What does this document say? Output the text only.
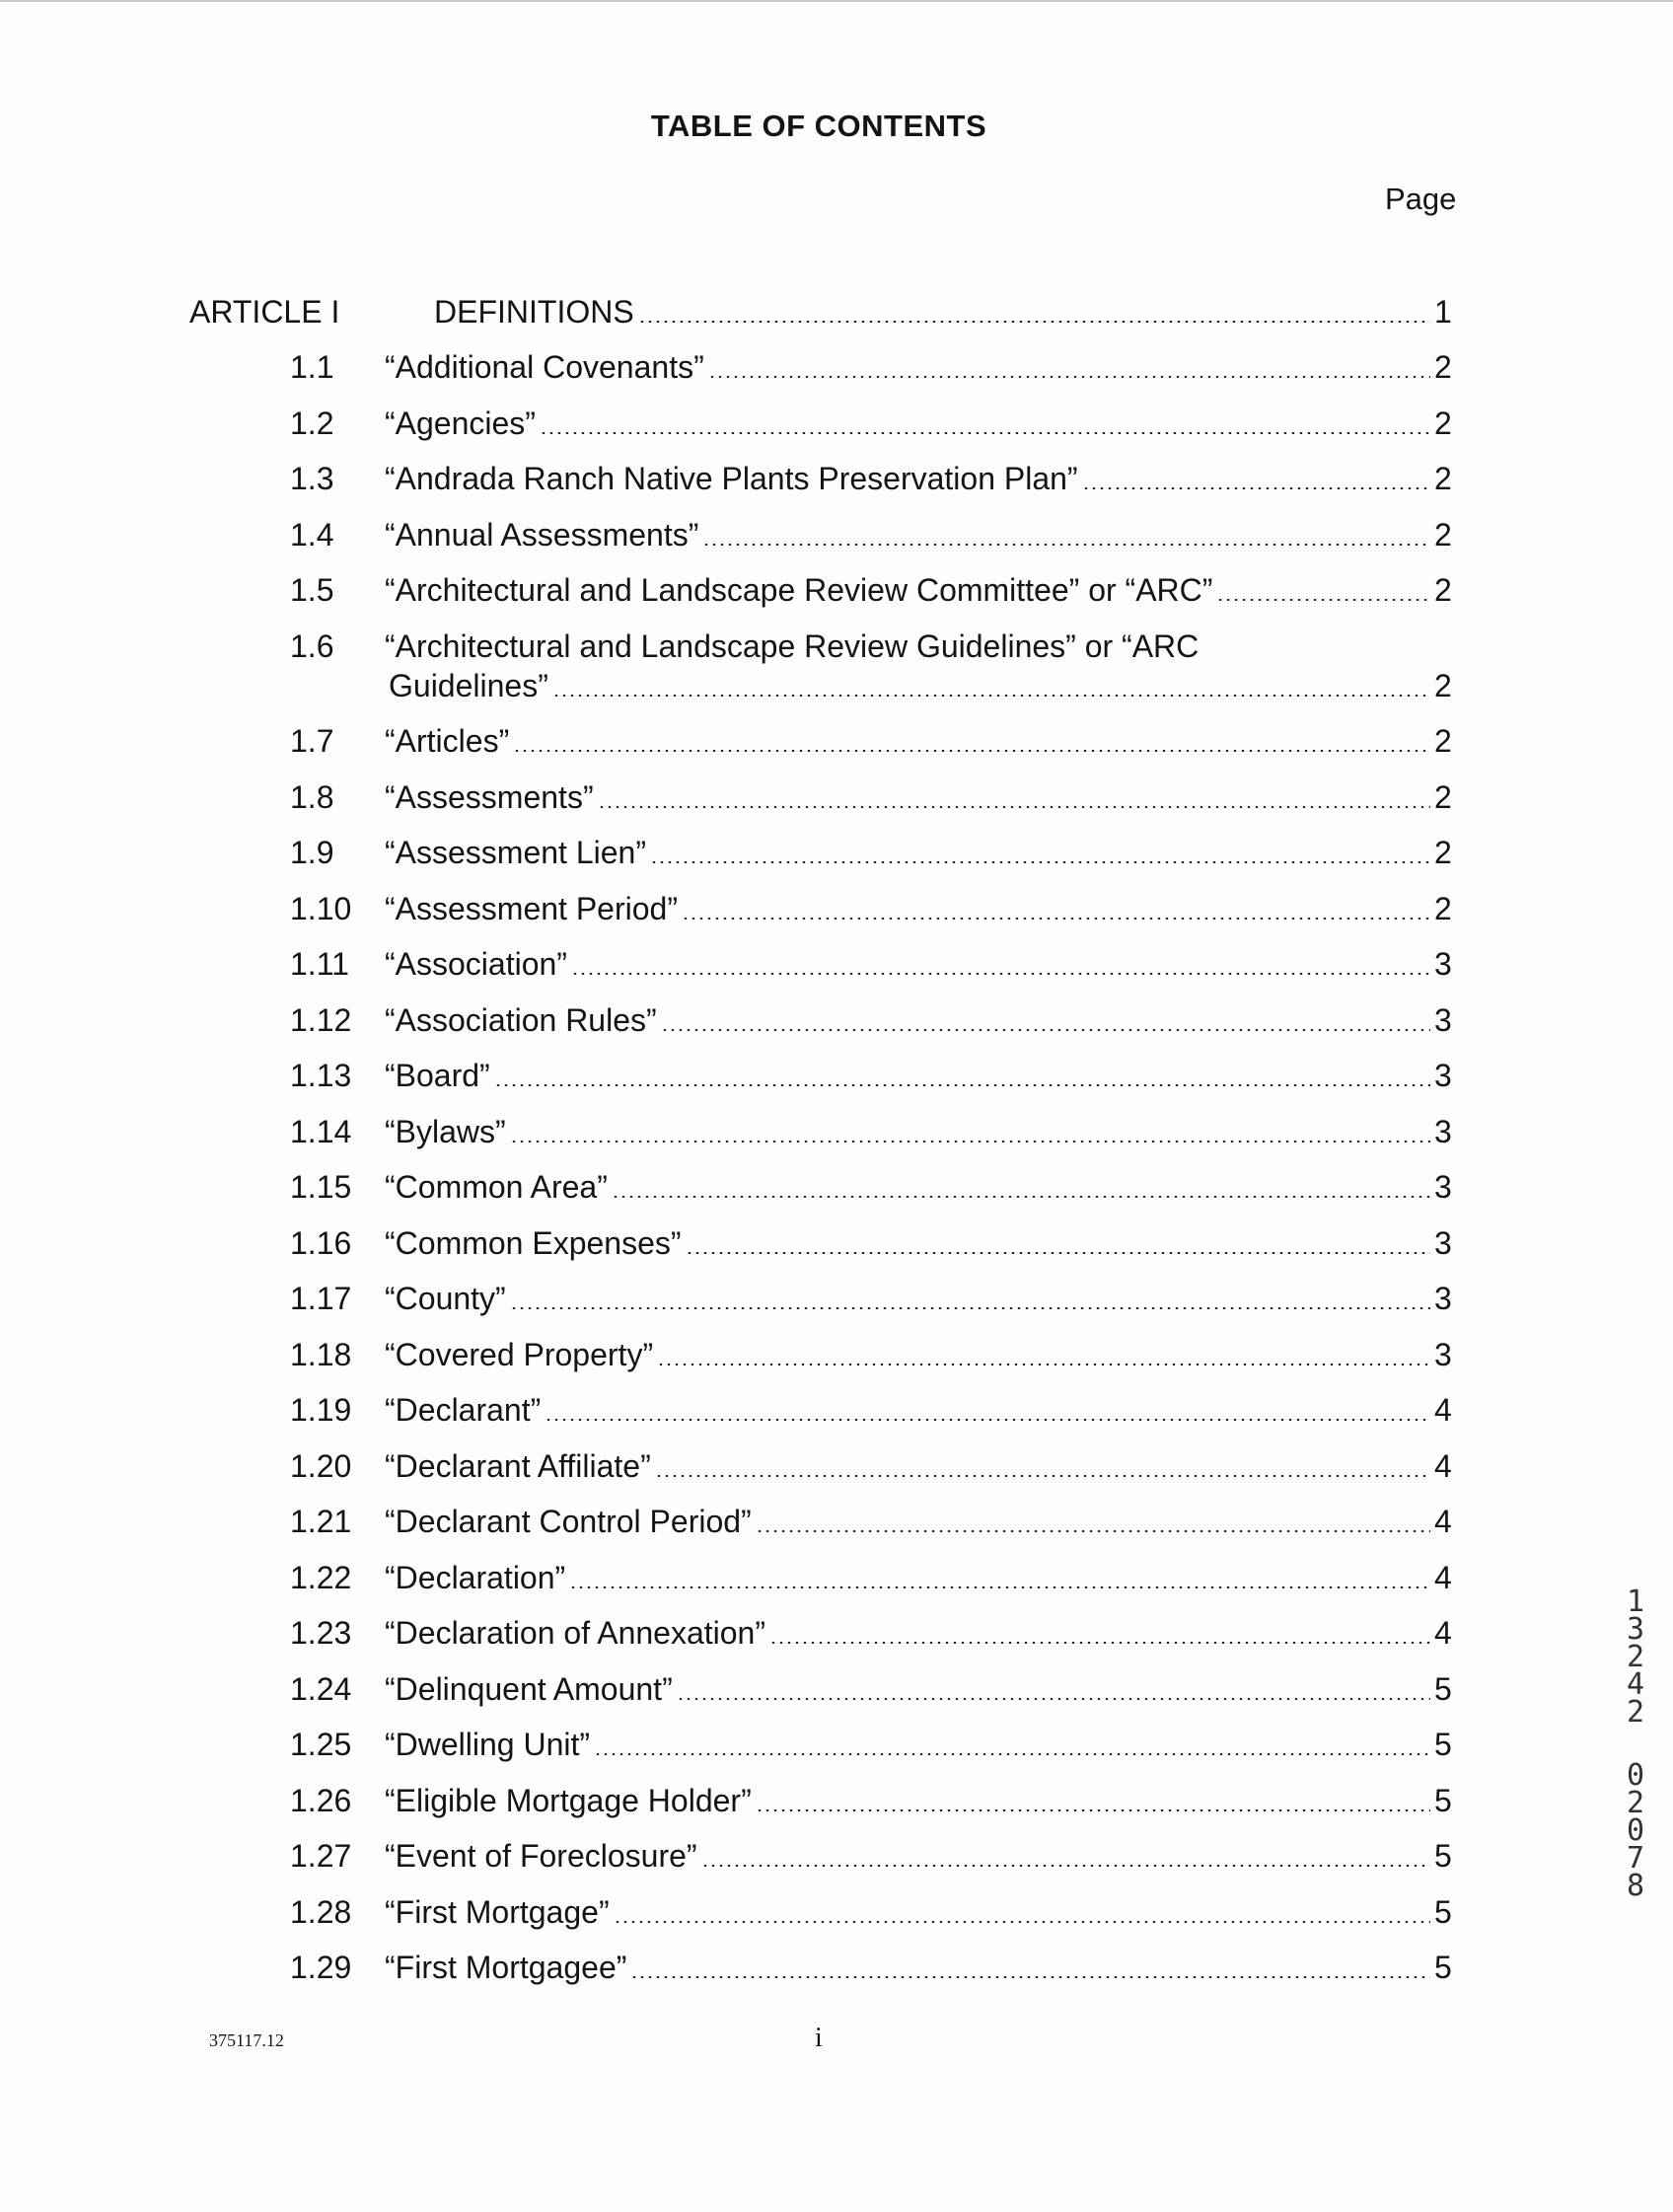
TABLE OF CONTENTS
Page
ARTICLE I	DEFINITIONS	1
1.1 “Additional Covenants”	2
1.2 “Agencies”	2
1.3 “Andrada Ranch Native Plants Preservation Plan”	2
1.4 “Annual Assessments”	2
1.5 “Architectural and Landscape Review Committee” or “ARC”	2
1.6 “Architectural and Landscape Review Guidelines” or “ARC
Guidelines”	2
1.7 “Articles”	2
1.8 “Assessments”	2
1.9 “Assessment Lien”	2
1.10 “Assessment Period”	2
1.11 “Association”	3
1.12 “Association Rules”	3
1.13 “Board”	3
1.14 “Bylaws”	3
1.15 “Common Area”	3
1.16 “Common Expenses”	3
1.17 “County”	3
1.18 “Covered Property”	3
1.19 “Declarant”	4
1.20 “Declarant Affiliate”	4
1.21 “Declarant Control Period”	4
1.22 “Declaration”	4
1.23 “Declaration of Annexation”	4
1.24 “Delinquent Amount”	5
1.25 “Dwelling Unit”	5
1.26 “Eligible Mortgage Holder”	5
1.27 “Event of Foreclosure”	5
1.28 “First Mortgage”	5
1.29 “First Mortgagee”	5
375117.12	i
1
3
2
4
2
0
2
0
7
8
